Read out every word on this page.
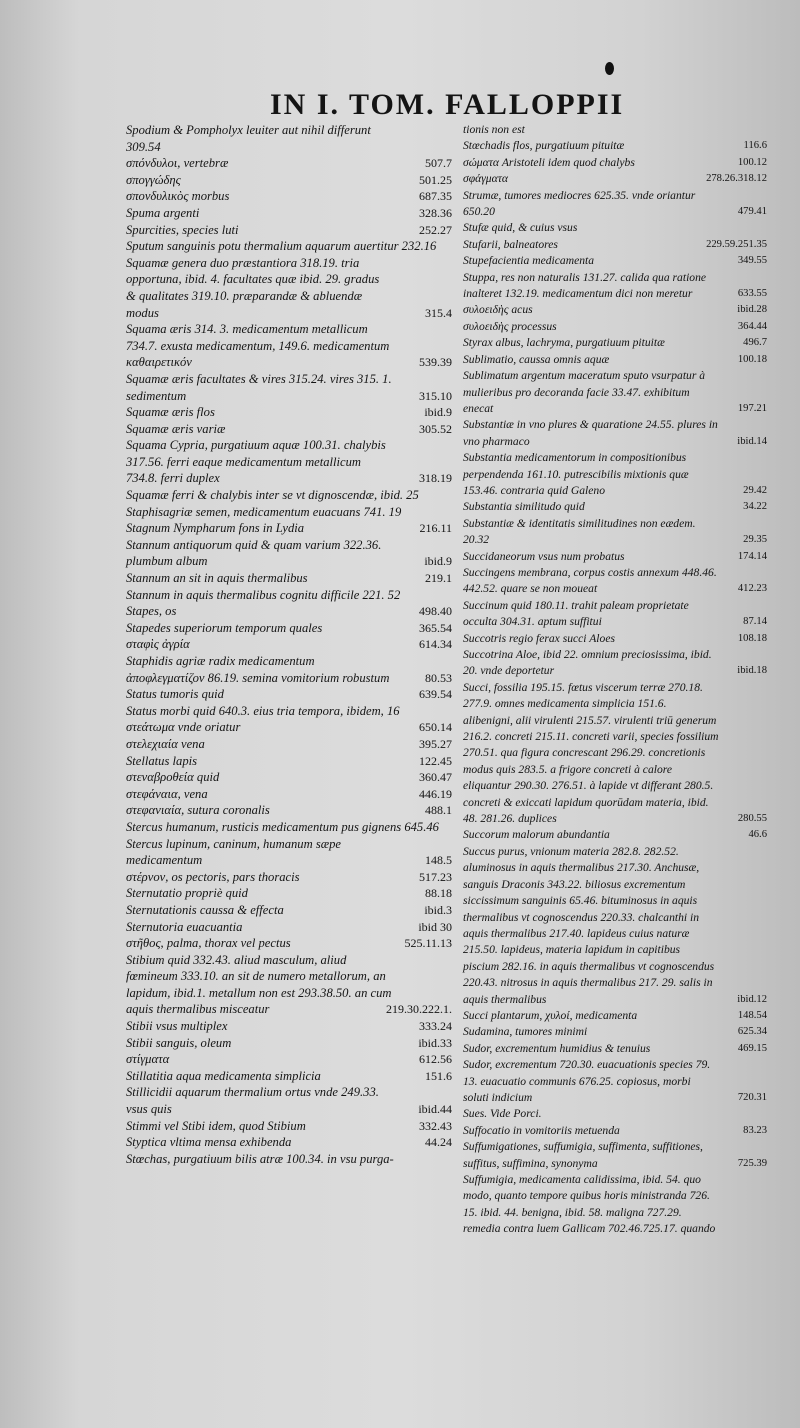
IN I. TOM. FALLOPPII
Spodium & Pompholyx leuiter aut nihil differunt
309.54
σπόνδυλοι, vertebræ	507.7
σπογγώδης	501.25
σπονδυλικὸς morbus	687.35
Spuma argenti	328.36
Spurcities, species luti	252.27
Sputum sanguinis potu thermalium aquarum auertitur 232.16
Squamæ genera duo præstantiora 318.19. tria opportuna, ibid. 4. facultates quæ ibid. 29. gradus & qualitates 319.10. præparandæ & abluendæ modus	315.4
Squama æris 314. 3. medicamentum metallicum 734.7. exusta medicamentum, 149.6. medicamentum καθαιρετικόν	539.39
Squamæ æris facultates & vires 315.24. vires 315. 1. sedimentum	315.10
Squamæ æris flos	ibid.9
Squamæ æris variæ	305.52
Squama Cypria, purgatiuum aquæ 100.31. chalybis 317.56. ferri eaque medicamentum metallicum 734.8. ferri duplex	318.19
Squamæ ferri & chalybis inter se vt dignoscendæ, ibid. 25
Staphisagriæ semen, medicamentum euacuans 741. 19
Stagnum Nympharum fons in Lydia	216.11
Stannum antiquorum quid & quam varium 322.36. plumbum album	ibid.9
Stannum an sit in aquis thermalibus	219.1
Stannum in aquis thermalibus cognitu difficile 221. 52
Stapes, os	498.40
Stapedes superiorum temporum quales	365.54
σταφὶς ἀγρία	614.34
Staphidis agriæ radix medicamentum ἀποφλεγματίζον 86.19. semina vomitorium robustum	80.53
Status tumoris quid	639.54
Status morbi quid 640.3. eius tria tempora, ibidem, 16
στεάτωμα vnde oriatur	650.14
στελεχιαία vena	395.27
Stellatus lapis	122.45
στεναβροθεία quid	360.47
στεφάναια, vena	446.19
στεφανιαία, sutura coronalis	488.1
Stercus humanum, rusticis medicamentum pus gignens 645.46
Stercus lupinum, caninum, humanum sæpe medicamentum	148.5
στέρνον, os pectoris, pars thoracis	517.23
Sternutatio propriè quid	88.18
Sternutationis caussa & effecta	ibid.3
Sternutoria euacuantia	ibid 30
στῆθος, palma, thorax vel pectus	525.11.13
Stibium quid 332.43. aliud masculum, aliud fœmineum 333.10. an sit de numero metallorum, an lapidum, ibid.1. metallum non est 293.38.50. an cum aquis thermalibus misceatur	219.30.222.1.
Stibii vsus multiplex	333.24
Stibii sanguis, oleum	ibid.33
στίγματα	612.56
Stillatitia aqua medicamenta simplicia	151.6
Stillicidii aquarum thermalium ortus vnde 249.33. vsus quis	ibid.44
Stimmi vel Stibi idem, quod Stibium	332.43
Styptica vltima mensa exhibenda	44.24
Stœchas, purgatiuum bilis atræ 100.34. in vsu purga-
tionis non est
Stœchadis flos, purgatiuum pituitæ	116.6
σώματα Aristoteli idem quod chalybs	100.12
σφάγματα	278.26.318.12
Strumæ, tumores mediocres 625.35. vnde oriantur 650.20	479.41
Stufæ quid, & cuius vsus
Stufarii, balneatores	229.59.251.35
Stupefacientia medicamenta	349.55
Stuppa, res non naturalis 131.27. calida qua ratione inalteret 132.19. medicamentum dici non meretur	633.55
συλοειδὴς acus	ibid.28
συλοειδὴς processus	364.44
Styrax albus, lachryma, purgatiuum pituitæ	496.7
Sublimatio, caussa omnis aquæ	100.18
Sublimatum argentum maceratum sputo vsurpatur à mulieribus pro decoranda facie 33.47. exhibitum enecat	197.21
Substantiæ in vno plures & quaratione 24.55. plures in vno pharmaco	ibid.14
Substantia medicamentorum in compositionibus perpendenda 161.10. putrescibilis mixtionis quæ 153.46. contraria quid Galeno	29.42
Substantia similitudo quid	34.22
Substantiæ & identitatis similitudines non eædem. 20.32	29.35
Succidaneorum vsus num probatus	174.14
Succingens membrana, corpus costis annexum 448.46. 442.52. quare se non moueat	412.23
Succinum quid 180.11. trahit paleam proprietate occulta 304.31. aptum suffitui	87.14
Succotris regio ferax succi Aloes	108.18
Succotrina Aloe, ibid 22. omnium preciosissima, ibid. 20. vnde deportetur	ibid.18
Succi, fossilia 195.15. fœtus viscerum terræ 270.18. 277.9. omnes medicamenta simplicia 151.6. alibenigni, alii virulenti 215.57. virulenti triū generum 216.2. concreti 215.11. concreti varii, species fossilium 270.51. qua figura concrescant 296.29. concretionis modus quis 283.5. a frigore concreti à calore eliquantur 290.30. 276.51. à lapide vt differant 280.5. concreti & exiccati lapidum quorūdam materia, ibid. 48. 281.26. duplices	280.55
Succorum malorum abundantia	46.6
Succus purus, vnionum materia 282.8. 282.52. aluminosus in aquis thermalibus 217.30. Anchusæ, sanguis Draconis 343.22. biliosus excrementum siccissimum sanguinis 65.46. bituminosus in aquis thermalibus vt cognoscendus 220.33. chalcanthi in aquis thermalibus 217.40. lapideus cuius naturæ 215.50. lapideus, materia lapidum in capitibus piscium 282.16. in aquis thermalibus vt cognoscendus 220.43. nitrosus in aquis thermalibus 217. 29. salis in aquis thermalibus	ibid.12
Succi plantarum, χυλοί, medicamenta	148.54
Sudamina, tumores minimi	625.34
Sudor, excrementum humidius & tenuius	469.15
Sudor, excrementum 720.30. euacuationis species 79. 13. euacuatio communis 676.25. copiosus, morbi soluti indicium	720.31
Sues. Vide Porci.
Suffocatio in vomitoriis metuenda	83.23
Suffumigationes, suffumigia, suffimenta, suffitiones, suffitus, suffimina, synonyma	725.39
Suffumigia, medicamenta calidissima, ibid. 54. quo modo, quanto tempore quibus horis ministranda 726. 15. ibid. 44. benigna, ibid. 58. maligna 727.29. remedia contra luem Gallicam 702.46.725.17. quando
